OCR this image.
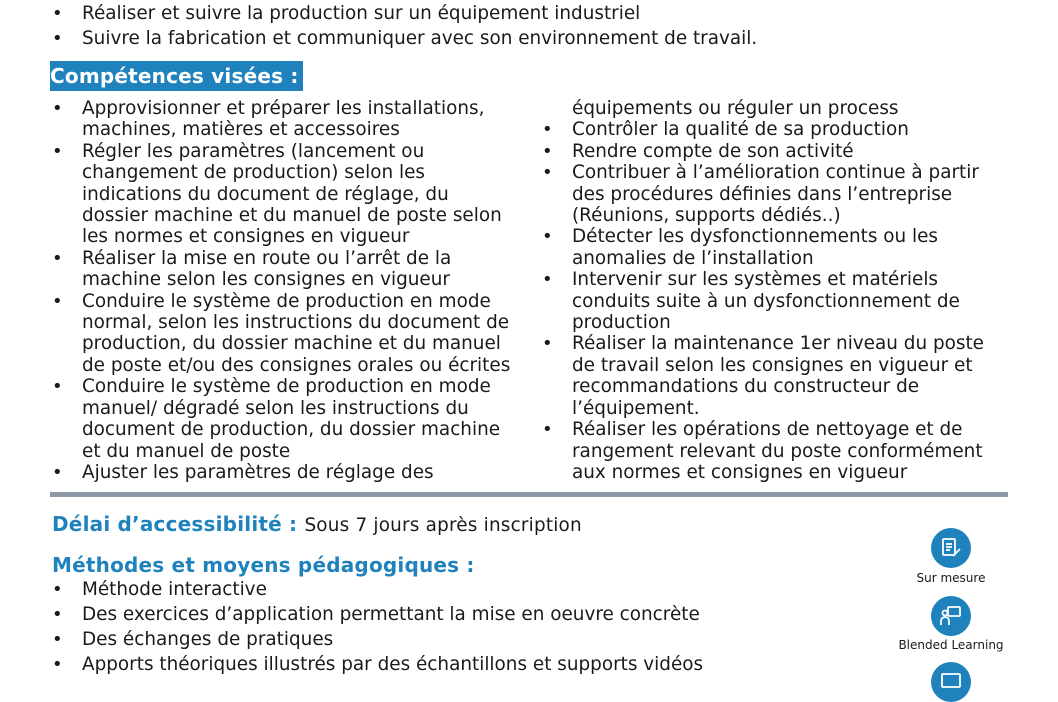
• Réaliser et suivre la production sur un équipement industriel
• Suivre la fabrication et communiquer avec son environnement de travail.
Compétences visées :
• Approvisionner et préparer les installations, machines, matières et accessoires
• Régler les paramètres (lancement ou changement de production) selon les indications du document de réglage, du dossier machine et du manuel de poste selon les normes et consignes en vigueur
• Réaliser la mise en route ou l’arrêt de la machine selon les consignes en vigueur
• Conduire le système de production en mode normal, selon les instructions du document de production, du dossier machine et du manuel de poste et/ou des consignes orales ou écrites
• Conduire le système de production en mode manuel/ dégradé selon les instructions du document de production, du dossier machine et du manuel de poste
• Ajuster les paramètres de réglage des
équipements ou réguler un process
• Contrôler la qualité de sa production
• Rendre compte de son activité
• Contribuer à l’amélioration continue à partir des procédures définies dans l’entreprise (Réunions, supports dédiés..)
• Détecter les dysfonctionnements ou les anomalies de l’installation
• Intervenir sur les systèmes et matériels conduits suite à un dysfonctionnement de production
• Réaliser la maintenance 1er niveau du poste de travail selon les consignes en vigueur et recommandations du constructeur de l’équipement.
• Réaliser les opérations de nettoyage et de rangement relevant du poste conformément aux normes et consignes en vigueur
Délai d’accessibilité : Sous 7 jours après inscription
Méthodes et moyens pédagogiques :
• Méthode interactive
• Des exercices d’application permettant la mise en oeuvre concrète
• Des échanges de pratiques
• Apports théoriques illustrés par des échantillons et supports vidéos
Sur mesure
Blended Learning
